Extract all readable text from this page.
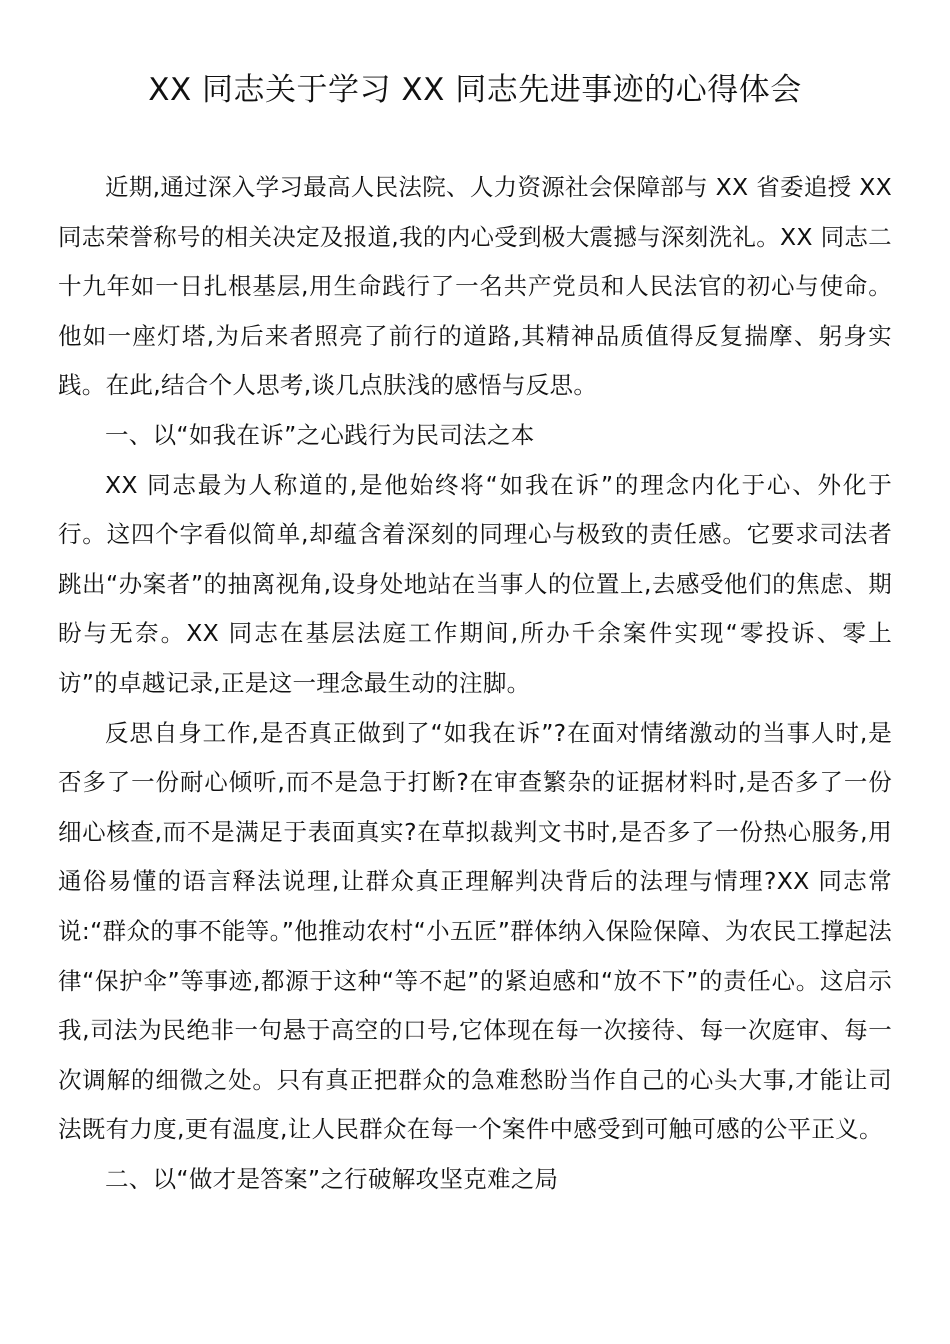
XX 同志关于学习 XX 同志先进事迹的心得体会

近期,通过深入学习最高人民法院、人力资源社会保障部与 XX 省委追授 XX 同志荣誉称号的相关决定及报道,我的内心受到极大震撼与深刻洗礼。XX 同志二十九年如一日扎根基层,用生命践行了一名共产党员和人民法官的初心与使命。他如一座灯塔,为后来者照亮了前行的道路,其精神品质值得反复揣摩、躬身实践。在此,结合个人思考,谈几点肤浅的感悟与反思。

一、以“如我在诉”之心践行为民司法之本

XX 同志最为人称道的,是他始终将“如我在诉”的理念内化于心、外化于行。这四个字看似简单,却蕴含着深刻的同理心与极致的责任感。它要求司法者跳出“办案者”的抽离视角,设身处地站在当事人的位置上,去感受他们的焦虑、期盼与无奈。XX 同志在基层法庭工作期间,所办千余案件实现“零投诉、零上访”的卓越记录,正是这一理念最生动的注脚。

反思自身工作,是否真正做到了“如我在诉”?在面对情绪激动的当事人时,是否多了一份耐心倾听,而不是急于打断?在审查繁杂的证据材料时,是否多了一份细心核查,而不是满足于表面真实?在草拟裁判文书时,是否多了一份热心服务,用通俗易懂的语言释法说理,让群众真正理解判决背后的法理与情理?XX 同志常说:“群众的事不能等。”他推动农村“小五匠”群体纳入保险保障、为农民工撑起法律“保护伞”等事迹,都源于这种“等不起”的紧迫感和“放不下”的责任心。这启示我,司法为民绝非一句悬于高空的口号,它体现在每一次接待、每一次庭审、每一次调解的细微之处。只有真正把群众的急难愁盼当作自己的心头大事,才能让司法既有力度,更有温度,让人民群众在每一个案件中感受到可触可感的公平正义。

二、以“做才是答案”之行破解攻坚克难之局
